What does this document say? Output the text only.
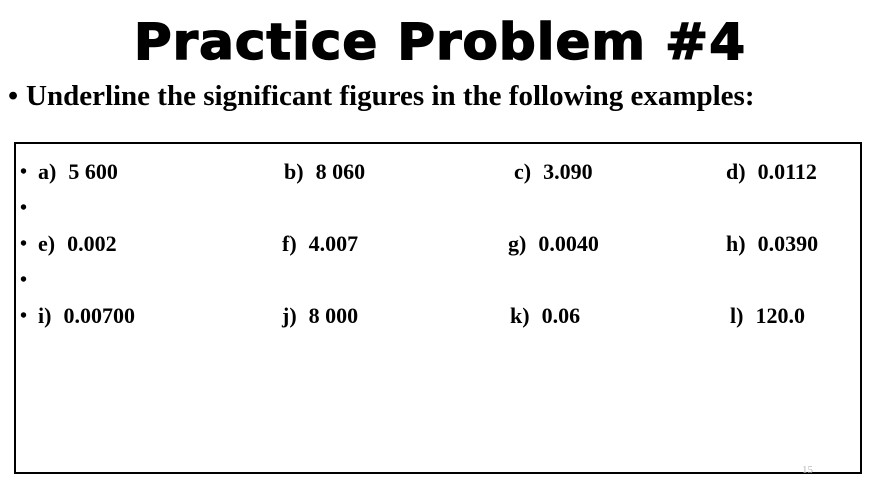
Practice Problem #4
• Underline the significant figures in the following examples:
• a) 5 600	b) 8 060	c) 3.090	d) 0.0112
•
• e) 0.002	f) 4.007	g) 0.0040	h) 0.0390
•
• i) 0.00700	j) 8 000	k) 0.06	l) 120.0
15
